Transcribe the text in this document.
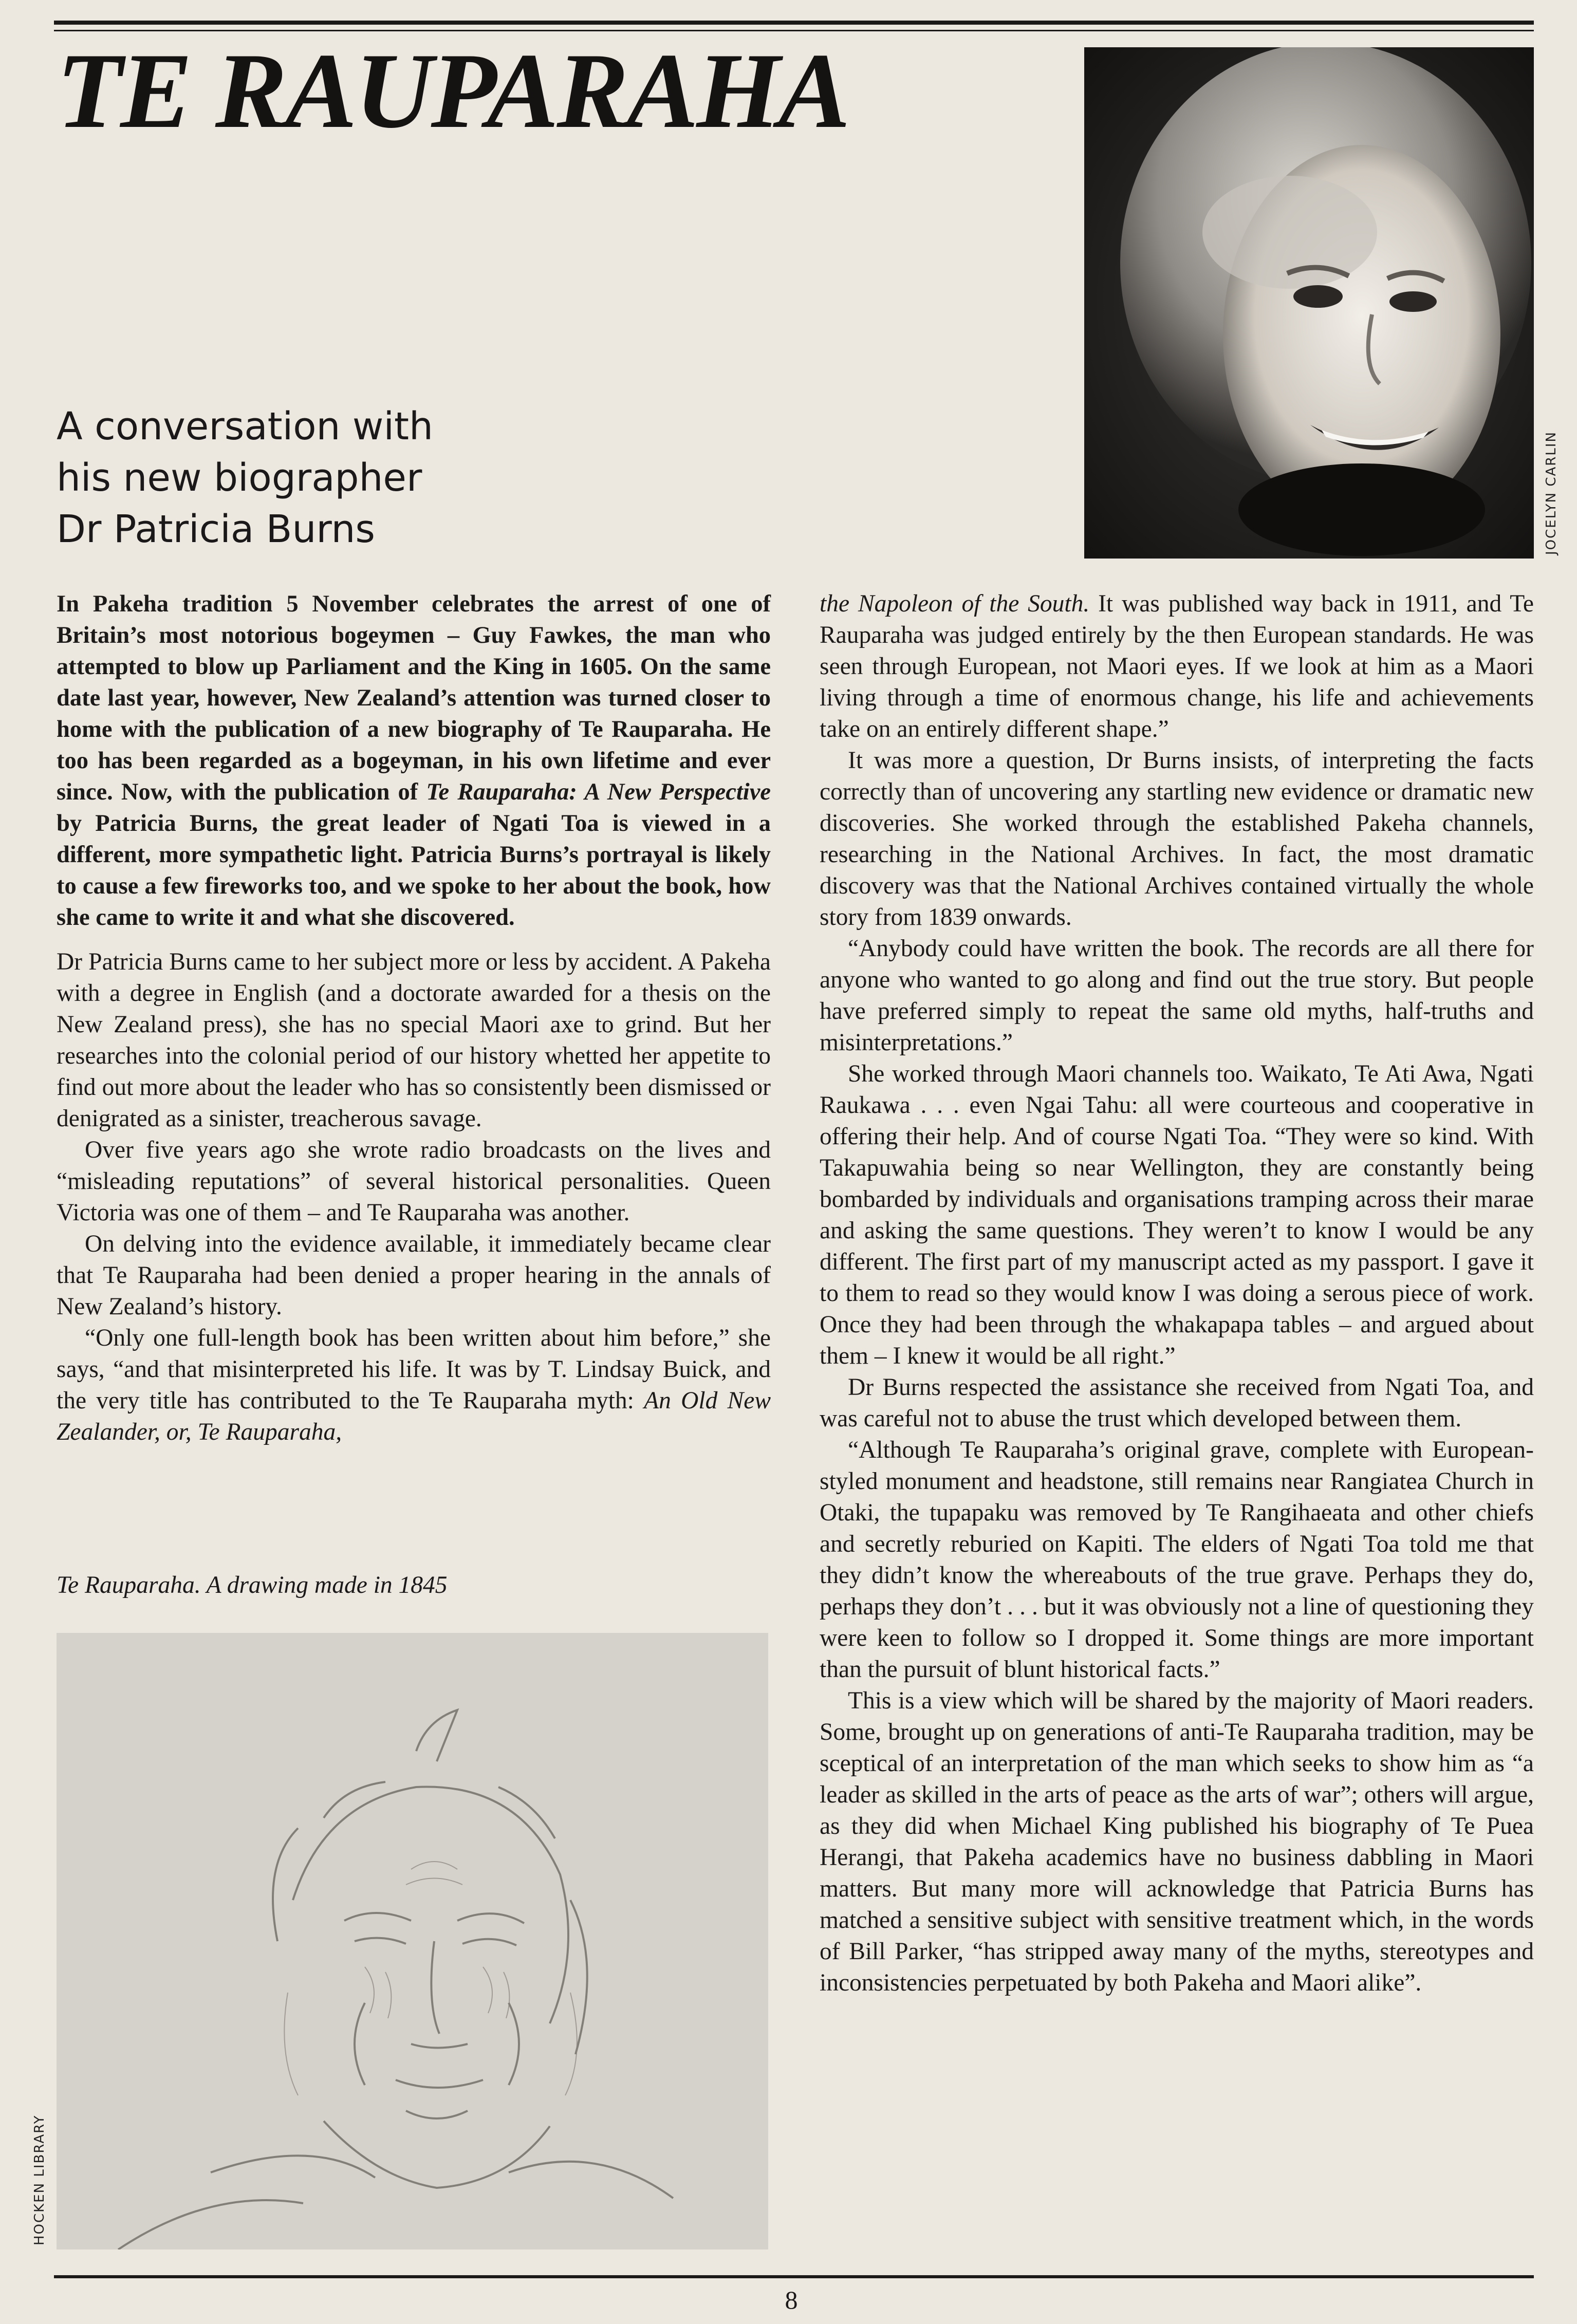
TE RAUPARAHA
A conversation with
his new biographer
Dr Patricia Burns	JOCELYN CARLIN

In Pakeha tradition 5 November celebrates the arrest of one of Britain’s most notorious bogeymen – Guy Fawkes, the man who attempted to blow up Parliament and the King in 1605. On the same date last year, however, New Zealand’s attention was turned closer to home with the publication of a new biography of Te Rauparaha. He too has been regarded as a bogeyman, in his own lifetime and ever since. Now, with the publication of Te Rauparaha: A New Perspective by Patricia Burns, the great leader of Ngati Toa is viewed in a different, more sympathetic light. Patricia Burns’s portrayal is likely to cause a few fireworks too, and we spoke to her about the book, how she came to write it and what she discovered.

Dr Patricia Burns came to her subject more or less by accident. A Pakeha with a degree in English (and a doctorate awarded for a thesis on the New Zealand press), she has no special Maori axe to grind. But her researches into the colonial period of our history whetted her appetite to find out more about the leader who has so consistently been dismissed or denigrated as a sinister, treacherous savage.

Over five years ago she wrote radio broadcasts on the lives and “misleading reputations” of several historical personalities. Queen Victoria was one of them – and Te Rauparaha was another.

On delving into the evidence available, it immediately became clear that Te Rauparaha had been denied a proper hearing in the annals of New Zealand’s history.

“Only one full-length book has been written about him before,” she says, “and that misinterpreted his life. It was by T. Lindsay Buick, and the very title has contributed to the Te Rauparaha myth: An Old New Zealander, or, Te Rauparaha,

Te Rauparaha. A drawing made in 1845
HOCKEN LIBRARY

the Napoleon of the South. It was published way back in 1911, and Te Rauparaha was judged entirely by the then European standards. He was seen through European, not Maori eyes. If we look at him as a Maori living through a time of enormous change, his life and achievements take on an entirely different shape.”

It was more a question, Dr Burns insists, of interpreting the facts correctly than of uncovering any startling new evidence or dramatic new discoveries. She worked through the established Pakeha channels, researching in the National Archives. In fact, the most dramatic discovery was that the National Archives contained virtually the whole story from 1839 onwards.

“Anybody could have written the book. The records are all there for anyone who wanted to go along and find out the true story. But people have preferred simply to repeat the same old myths, half-truths and misinterpretations.”

She worked through Maori channels too. Waikato, Te Ati Awa, Ngati Raukawa . . . even Ngai Tahu: all were courteous and cooperative in offering their help. And of course Ngati Toa. “They were so kind. With Takapuwahia being so near Wellington, they are constantly being bombarded by individuals and organisations tramping across their marae and asking the same questions. They weren’t to know I would be any different. The first part of my manuscript acted as my passport. I gave it to them to read so they would know I was doing a serous piece of work. Once they had been through the whakapapa tables – and argued about them – I knew it would be all right.”

Dr Burns respected the assistance she received from Ngati Toa, and was careful not to abuse the trust which developed between them.

“Although Te Rauparaha’s original grave, complete with European-styled monument and headstone, still remains near Rangiatea Church in Otaki, the tupapaku was removed by Te Rangihaeata and other chiefs and secretly reburied on Kapiti. The elders of Ngati Toa told me that they didn’t know the whereabouts of the true grave. Perhaps they do, perhaps they don’t . . . but it was obviously not a line of questioning they were keen to follow so I dropped it. Some things are more important than the pursuit of blunt historical facts.”

This is a view which will be shared by the majority of Maori readers. Some, brought up on generations of anti-Te Rauparaha tradition, may be sceptical of an interpretation of the man which seeks to show him as “a leader as skilled in the arts of peace as the arts of war”; others will argue, as they did when Michael King published his biography of Te Puea Herangi, that Pakeha academics have no business dabbling in Maori matters. But many more will acknowledge that Patricia Burns has matched a sensitive subject with sensitive treatment which, in the words of Bill Parker, “has stripped away many of the myths, stereotypes and inconsistencies perpetuated by both Pakeha and Maori alike”.

8
